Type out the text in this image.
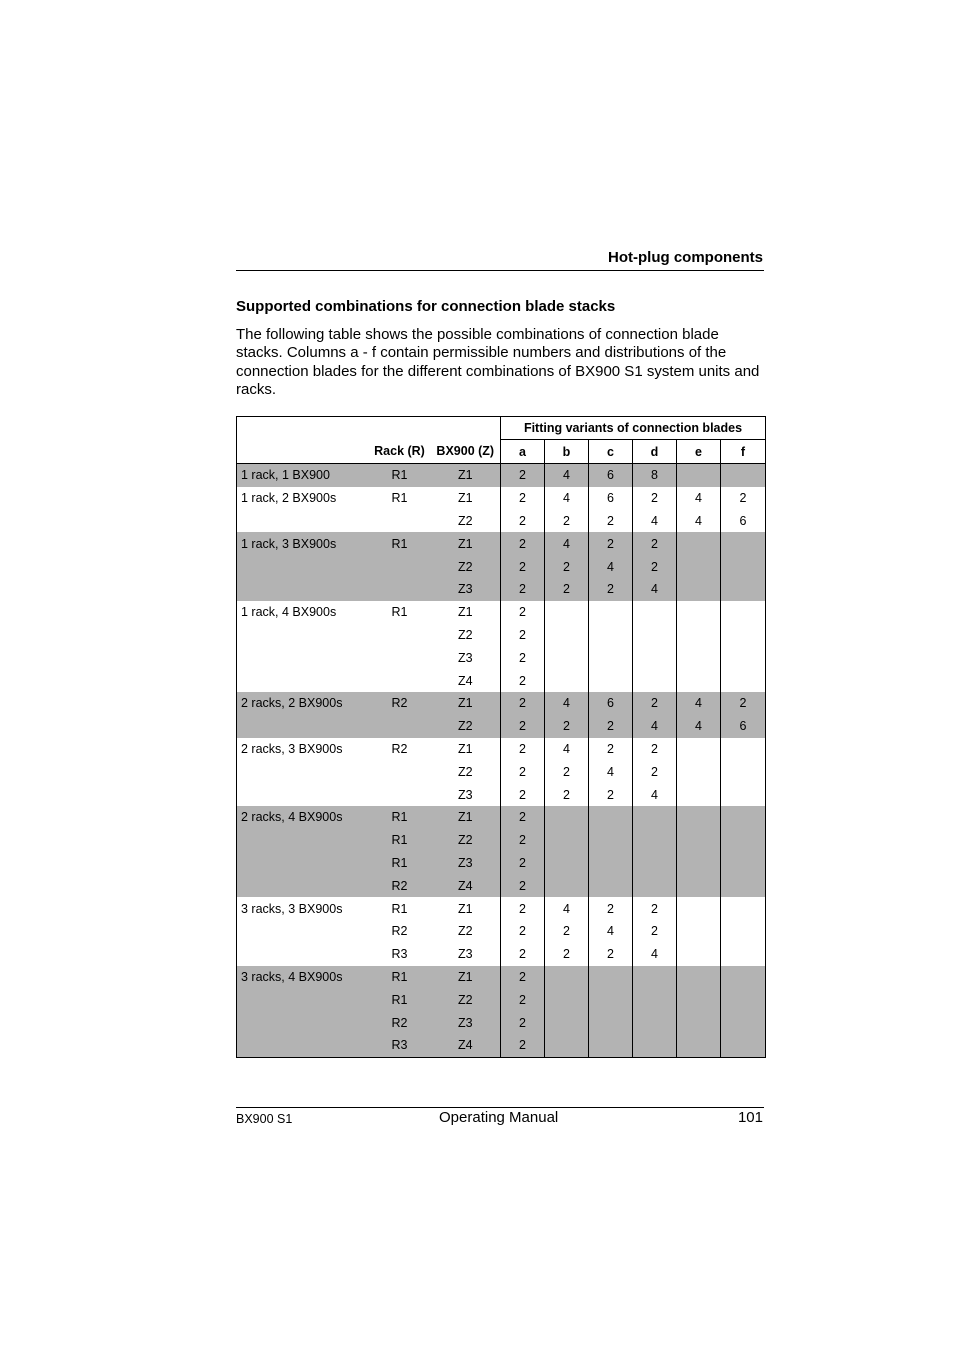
Hot-plug components
Supported combinations for connection blade stacks
The following table shows the possible combinations of connection blade stacks. Columns a - f contain permissible numbers and distributions of the connection blades for the different combinations of BX900 S1 system units and racks.
			Fitting variants of connection blades					
	Rack (R)	BX900 (Z)	a	b	c	d	e	f
1 rack, 1 BX900	R1	Z1	2	4	6	8		
1 rack, 2 BX900s	R1	Z1	2	4	6	2	4	2
		Z2	2	2	2	4	4	6
1 rack, 3 BX900s	R1	Z1	2	4	2	2		
		Z2	2	2	4	2		
		Z3	2	2	2	4		
1 rack, 4 BX900s	R1	Z1	2					
		Z2	2					
		Z3	2					
		Z4	2					
2 racks, 2 BX900s	R2	Z1	2	4	6	2	4	2
		Z2	2	2	2	4	4	6
2 racks, 3 BX900s	R2	Z1	2	4	2	2		
		Z2	2	2	4	2		
		Z3	2	2	2	4		
2 racks, 4 BX900s	R1	Z1	2					
	R1	Z2	2					
	R1	Z3	2					
	R2	Z4	2					
3 racks, 3 BX900s	R1	Z1	2	4	2	2		
	R2	Z2	2	2	4	2		
	R3	Z3	2	2	2	4		
3 racks, 4 BX900s	R1	Z1	2					
	R1	Z2	2					
	R2	Z3	2					
	R3	Z4	2					
BX900 S1	Operating Manual	101
